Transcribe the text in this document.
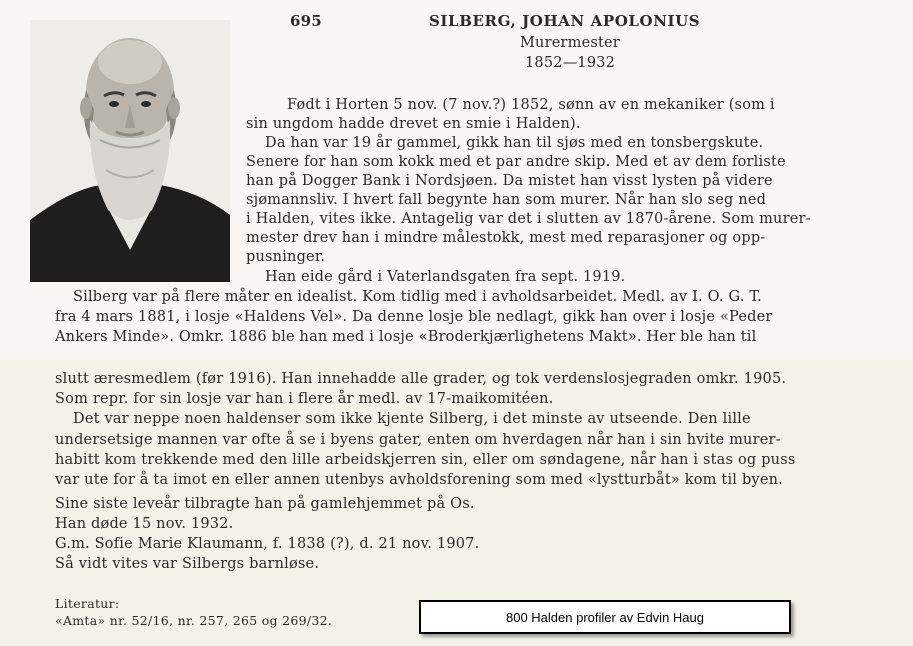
695	SILBERG, JOHAN APOLONIUS
Murermester
1852—1932
Født i Horten 5 nov. (7 nov.?) 1852, sønn av en mekaniker (som i
sin ungdom hadde drevet en smie i Halden).
Da han var 19 år gammel, gikk han til sjøs med en tonsbergskute.
Senere for han som kokk med et par andre skip. Med et av dem forliste
han på Dogger Bank i Nordsjøen. Da mistet han visst lysten på videre
sjømannsliv. I hvert fall begynte han som murer. Når han slo seg ned
i Halden, vites ikke. Antagelig var det i slutten av 1870-årene. Som murer-
mester drev han i mindre målestokk, mest med reparasjoner og opp-
pusninger.
Han eide gård i Vaterlandsgaten fra sept. 1919.
Silberg var på flere måter en idealist. Kom tidlig med i avholdsarbeidet. Medl. av I. O. G. T.
fra 4 mars 1881, i losje «Haldens Vel». Da denne losje ble nedlagt, gikk han over i losje «Peder
Ankers Minde». Omkr. 1886 ble han med i losje «Broderkjærlighetens Makt». Her ble han til
slutt æresmedlem (før 1916). Han innehadde alle grader, og tok verdenslosjegraden omkr. 1905.
Som repr. for sin losje var han i flere år medl. av 17-maikomitéen.
Det var neppe noen haldenser som ikke kjente Silberg, i det minste av utseende. Den lille
undersetsige mannen var ofte å se i byens gater, enten om hverdagen når han i sin hvite murer-
habitt kom trekkende med den lille arbeidskjerren sin, eller om søndagene, når han i stas og puss
var ute for å ta imot en eller annen utenbys avholdsforening som med «lystturbåt» kom til byen.
Sine siste leveår tilbragte han på gamlehjemmet på Os.
Han døde 15 nov. 1932.
G.m. Sofie Marie Klaumann, f. 1838 (?), d. 21 nov. 1907.
Så vidt vites var Silbergs barnløse.
Literatur:
«Amta» nr. 52/16, nr. 257, 265 og 269/32.	800 Halden profiler av Edvin Haug
